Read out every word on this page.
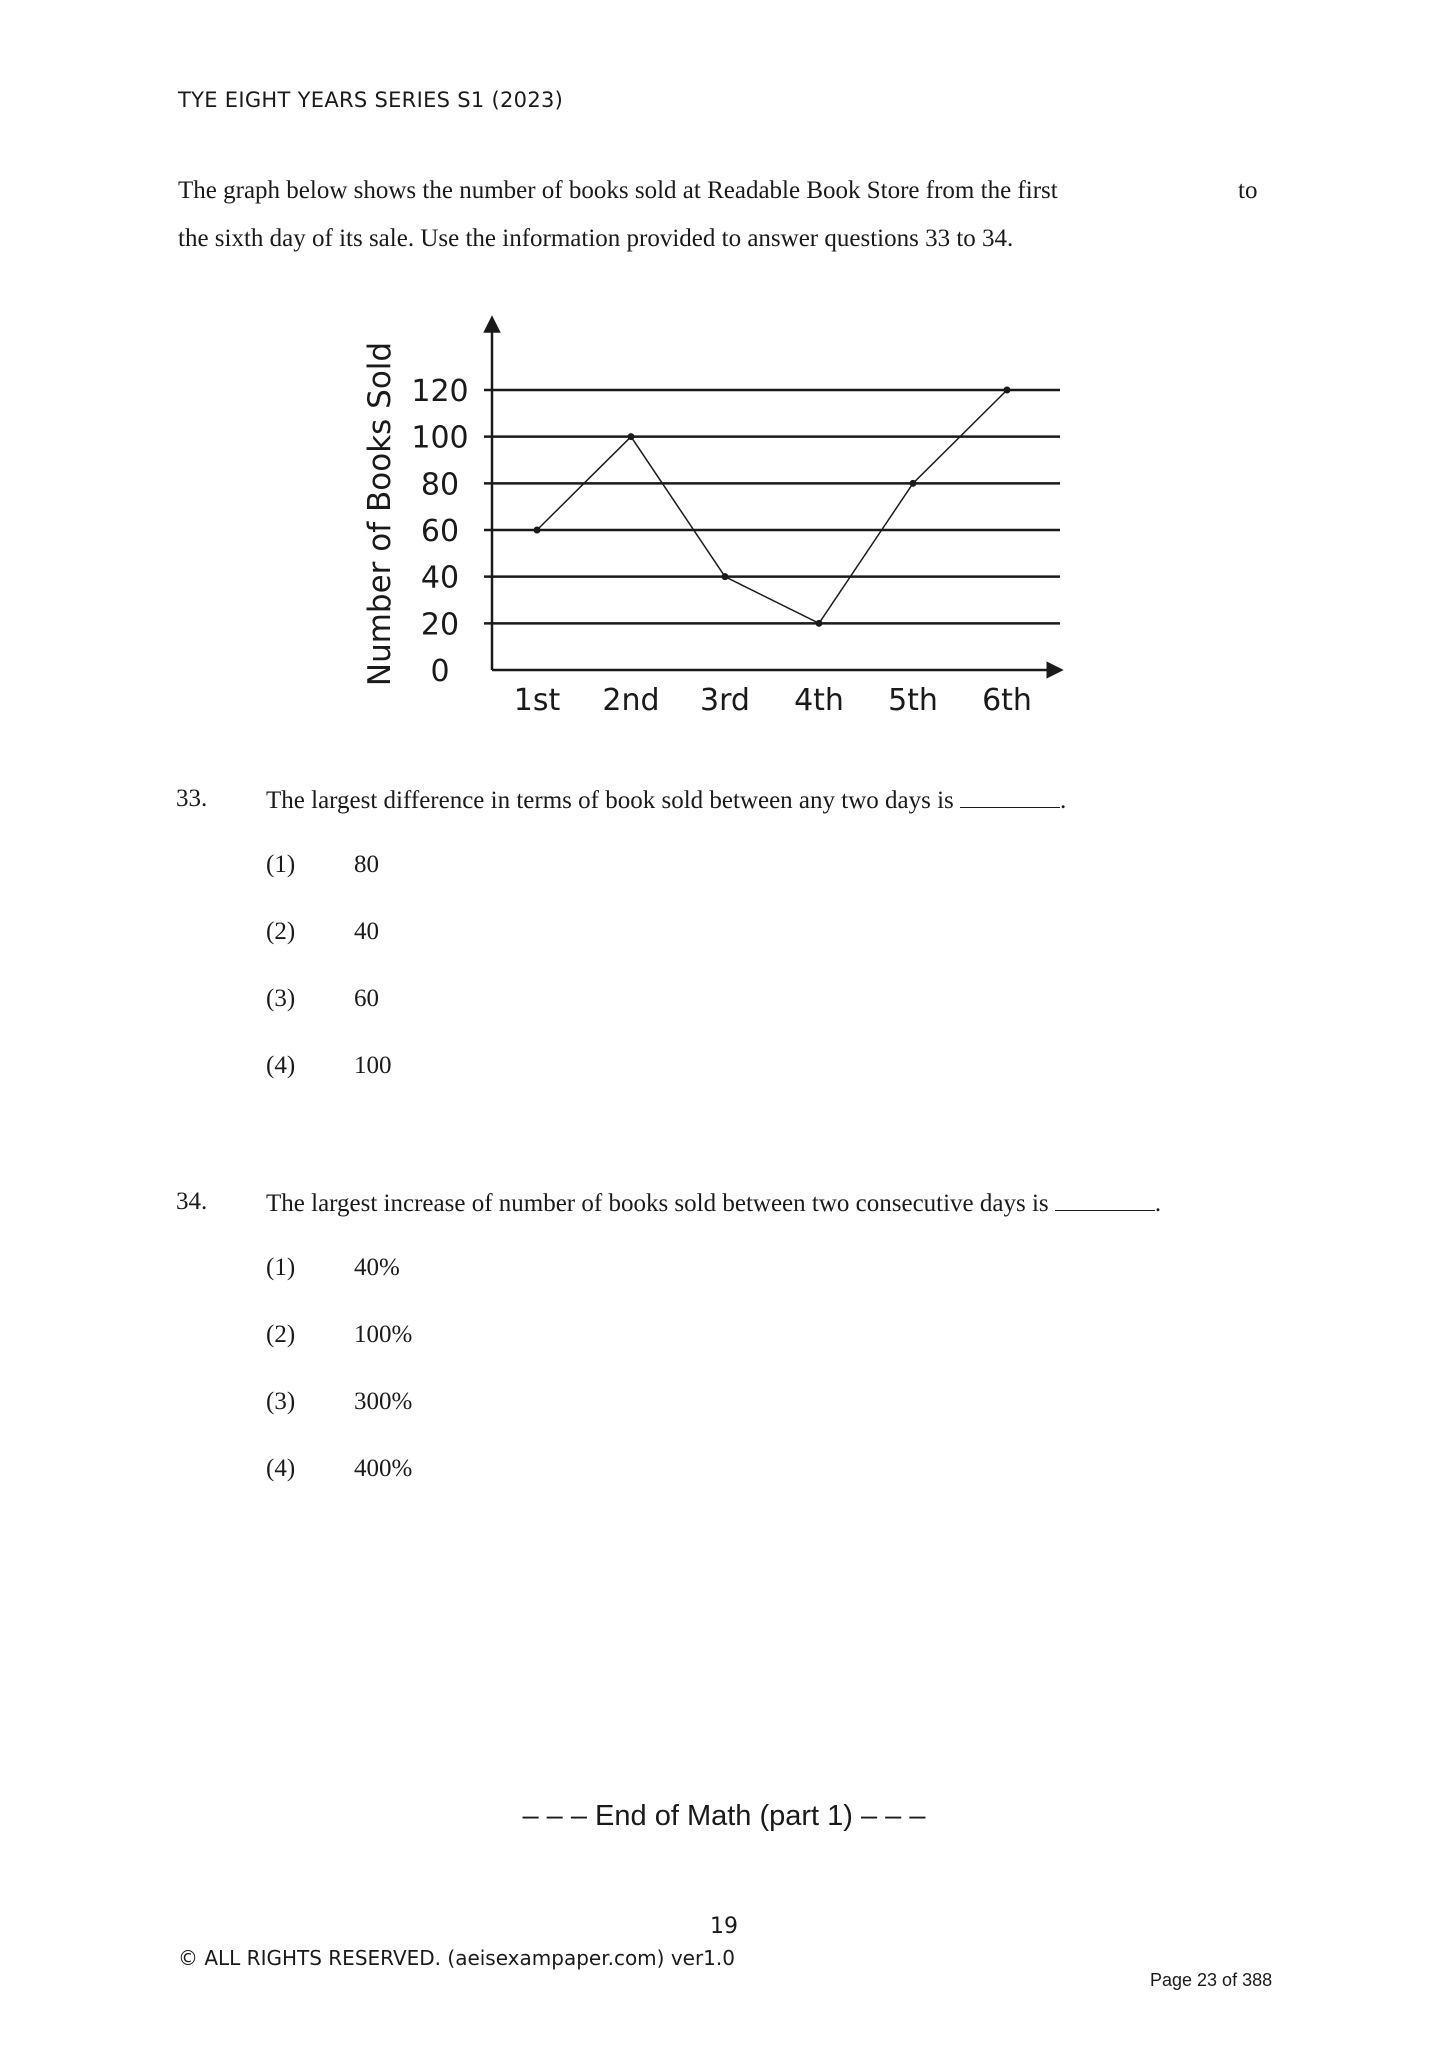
TYE EIGHT YEARS SERIES S1 (2023)
The graph below shows the number of books sold at Readable Book Store from the first	to
the sixth day of its sale. Use the information provided to answer questions 33 to 34.
0
20
40
60
80
100
120
1st 2nd 3rd 4th 5th 6th
Number of Books Sold
33. The largest difference in terms of book sold between any two days is	.
(1) 80
(2) 40
(3) 60
(4) 100
34. The largest increase of number of books sold between two consecutive days is	.
(1) 40%
(2) 100%
(3) 300%
(4) 400%
– – – End of Math (part 1) – – –
19
© ALL RIGHTS RESERVED. (aeisexampaper.com) ver1.0
Page 23 of 388
